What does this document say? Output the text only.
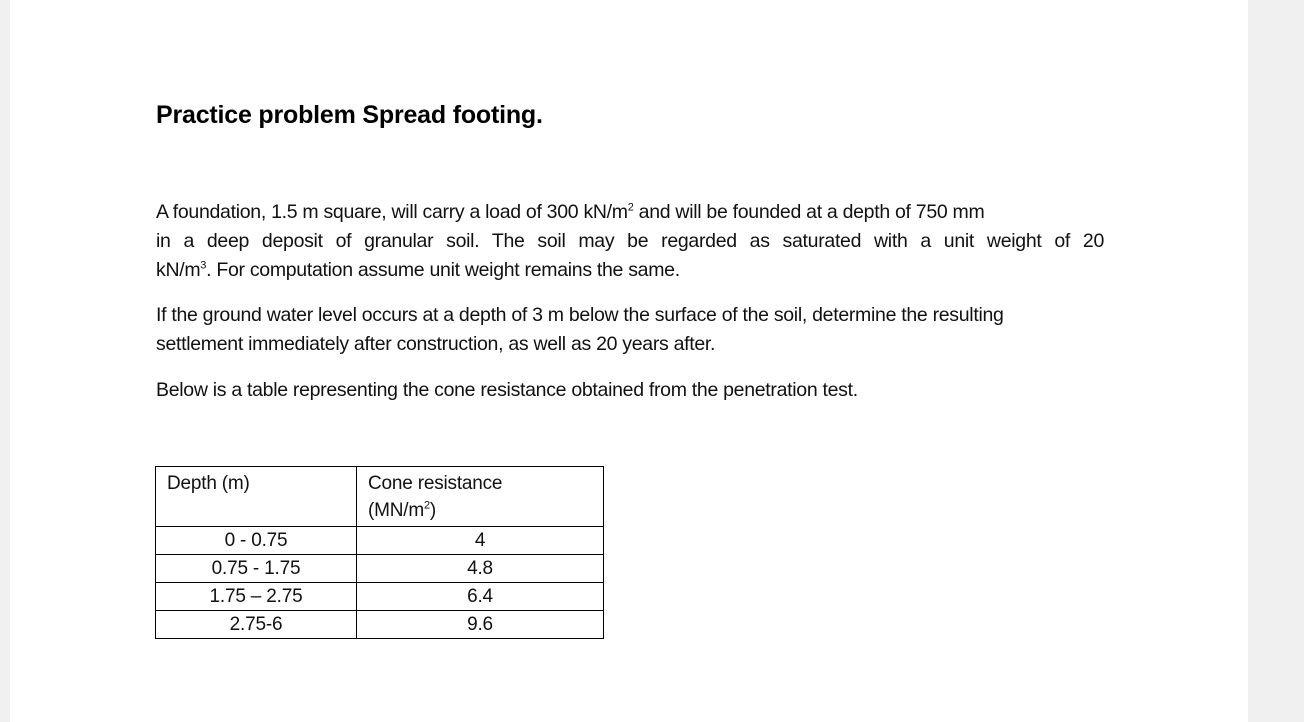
Practice problem Spread footing.
A foundation, 1.5 m square, will carry a load of 300 $kN/m^2$ and will be founded at a depth of 750 mm
in a deep deposit of granular soil. The soil may be regarded as saturated with a unit weight of 20
$kN/m^3$. For computation assume unit weight remains the same.
If the ground water level occurs at a depth of 3 m below the surface of the soil, determine the resulting
settlement immediately after construction, as well as 20 years after.
Below is a table representing the cone resistance obtained from the penetration test.
Depth (m)	Cone resistance
$(MN/m^2)$
0 - 0.75	4
0.75 - 1.75	4.8
1.75 – 2.75	6.4
2.75-6	9.6
